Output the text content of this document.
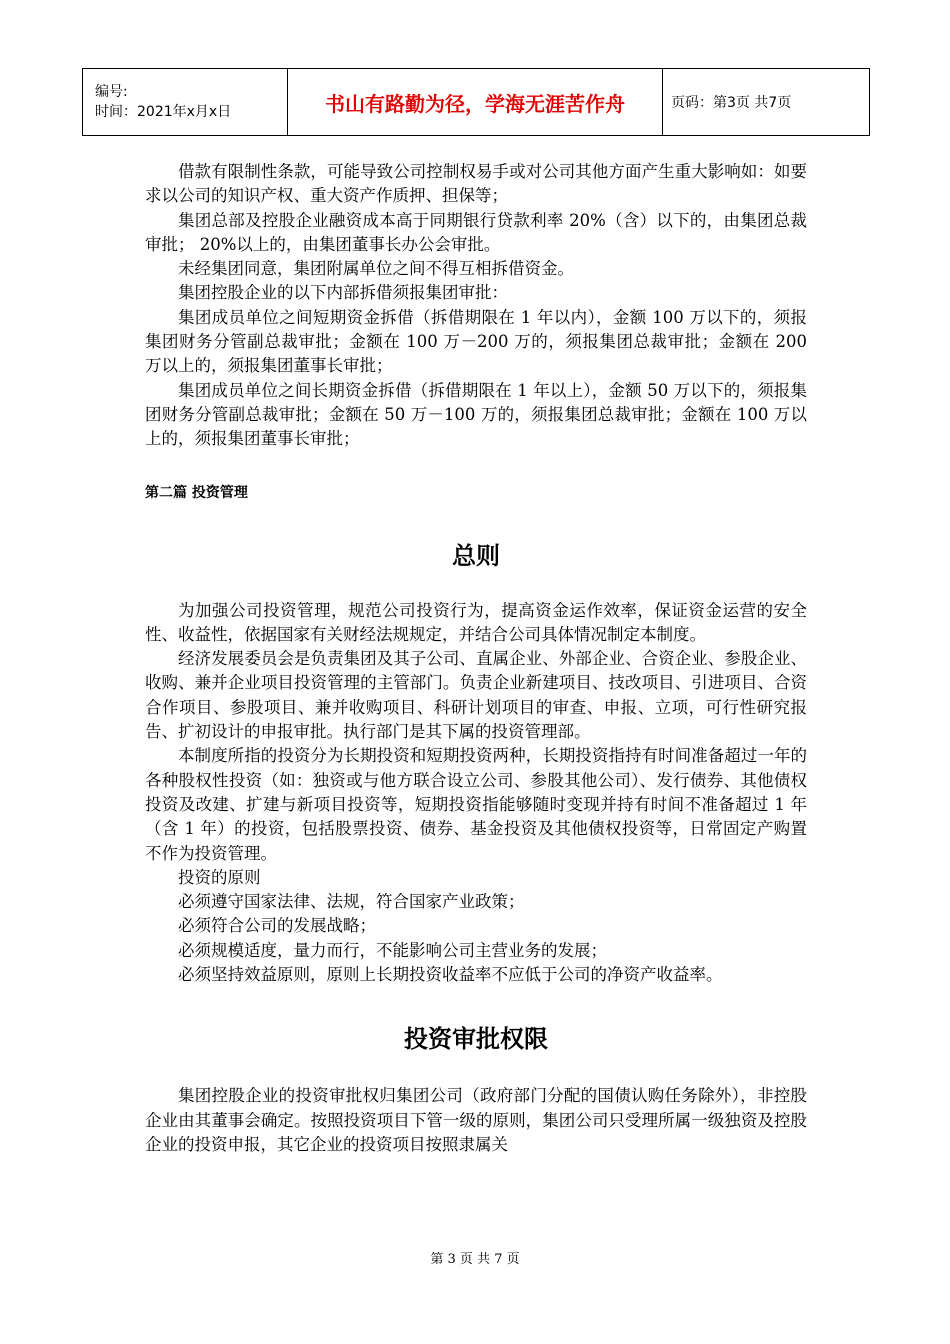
编号:
时间：2021年x月x日	书山有路勤为径，学海无涯苦作舟	页码：第3页 共7页

借款有限制性条款，可能导致公司控制权易手或对公司其他方面产生重大影响如：如要求以公司的知识产权、重大资产作质押、担保等；

集团总部及控股企业融资成本高于同期银行贷款利率 20%（含）以下的，由集团总裁审批； 20%以上的，由集团董事长办公会审批。

未经集团同意，集团附属单位之间不得互相拆借资金。

集团控股企业的以下内部拆借须报集团审批：

集团成员单位之间短期资金拆借（拆借期限在 1 年以内），金额 100 万以下的，须报集团财务分管副总裁审批；金额在 100 万－200 万的，须报集团总裁审批；金额在 200 万以上的，须报集团董事长审批；

集团成员单位之间长期资金拆借（拆借期限在 1 年以上），金额 50 万以下的，须报集团财务分管副总裁审批；金额在 50 万－100 万的，须报集团总裁审批；金额在 100 万以上的，须报集团董事长审批；

第二篇 投资管理

总则

为加强公司投资管理，规范公司投资行为，提高资金运作效率，保证资金运营的安全性、收益性，依据国家有关财经法规规定，并结合公司具体情况制定本制度。

经济发展委员会是负责集团及其子公司、直属企业、外部企业、合资企业、参股企业、收购、兼并企业项目投资管理的主管部门。负责企业新建项目、技改项目、引进项目、合资合作项目、参股项目、兼并收购项目、科研计划项目的审查、申报、立项，可行性研究报告、扩初设计的申报审批。执行部门是其下属的投资管理部。

本制度所指的投资分为长期投资和短期投资两种，长期投资指持有时间准备超过一年的各种股权性投资（如：独资或与他方联合设立公司、参股其他公司）、发行债券、其他债权投资及改建、扩建与新项目投资等，短期投资指能够随时变现并持有时间不准备超过 1 年（含 1 年）的投资，包括股票投资、债券、基金投资及其他债权投资等，日常固定产购置不作为投资管理。

投资的原则

必须遵守国家法律、法规，符合国家产业政策；

必须符合公司的发展战略；

必须规模适度，量力而行，不能影响公司主营业务的发展；

必须坚持效益原则，原则上长期投资收益率不应低于公司的净资产收益率。

投资审批权限

集团控股企业的投资审批权归集团公司（政府部门分配的国债认购任务除外），非控股企业由其董事会确定。按照投资项目下管一级的原则，集团公司只受理所属一级独资及控股企业的投资申报，其它企业的投资项目按照隶属关

第 3 页 共 7 页
